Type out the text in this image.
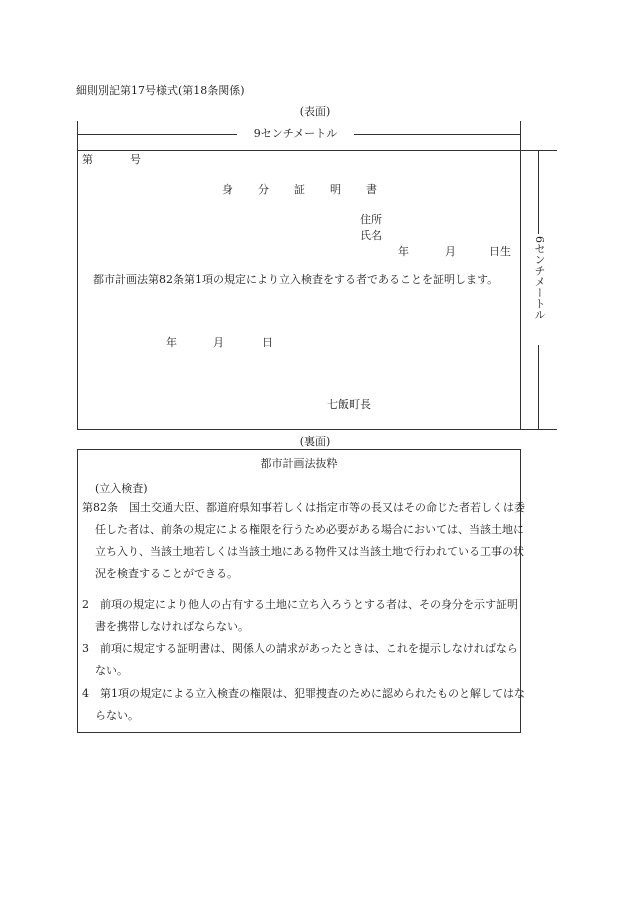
細則別記第17号様式(第18条関係)
(表面)
9センチメートル
6センチメートル
第	号
身 分 証 明 書
住所
氏名
年	月	日生
都市計画法第82条第1項の規定により立入検査をする者であることを証明します。
年	月	日
七飯町長
(裏面)
都市計画法抜粋
(立入検査)
第82条　国土交通大臣、都道府県知事若しくは指定市等の長又はその命じた者若しくは委任した者は、前条の規定による権限を行うため必要がある場合においては、当該土地に立ち入り、当該土地若しくは当該土地にある物件又は当該土地で行われている工事の状況を検査することができる。
2　前項の規定により他人の占有する土地に立ち入ろうとする者は、その身分を示す証明書を携帯しなければならない。
3　前項に規定する証明書は、関係人の請求があったときは、これを提示しなければならない。
4　第1項の規定による立入検査の権限は、犯罪捜査のために認められたものと解してはならない。
